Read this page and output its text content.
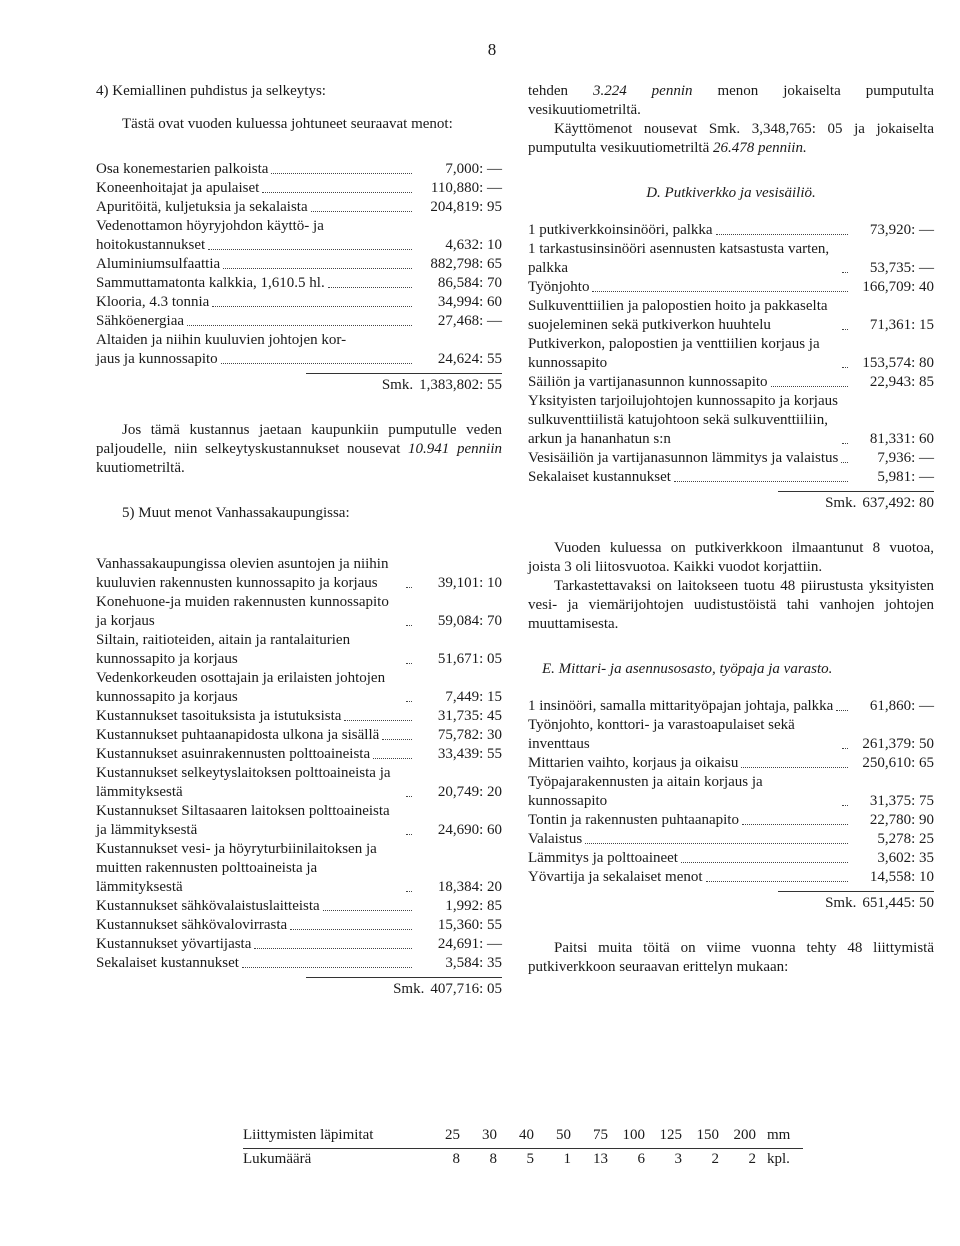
8

4) Kemiallinen puhdistus ja selkeytys:

Tästä ovat vuoden kuluessa johtuneet seuraavat menot:

Osa konemestarien palkoista	7,000: —
Koneenhoitajat ja apulaiset	110,880: —
Apuritöitä, kuljetuksia ja sekalaista	204,819: 95
Vedenottamon höyryjohdon käyttö- ja
hoitokustannukset	4,632: 10
Aluminiumsulfaattia	882,798: 65
Sammuttamatonta kalkkia, 1,610.5 hl.	86,584: 70
Klooria, 4.3 tonnia	34,994: 60
Sähköenergiaa	27,468: —
Altaiden ja niihin kuuluvien johtojen kor-
jaus ja kunnossapito	24,624: 55
Smk. 1,383,802: 55

Jos tämä kustannus jaetaan kaupunkiin pumputulle veden paljoudelle, niin selkeytyskustannukset nousevat 10.941 penniin kuutiometriltä.

5) Muut menot Vanhassakaupungissa:

Vanhassakaupungissa olevien asuntojen ja niihin kuuluvien rakennusten kunnossapito ja korjaus	39,101: 10
Konehuone-ja muiden rakennusten kunnossapito ja korjaus	59,084: 70
Siltain, raitioteiden, aitain ja rantalaiturien kunnossapito ja korjaus	51,671: 05
Vedenkorkeuden osottajain ja erilaisten johtojen kunnossapito ja korjaus	7,449: 15
Kustannukset tasoituksista ja istutuksista	31,735: 45
Kustannukset puhtaanapidosta ulkona ja sisällä	75,782: 30
Kustannukset asuinrakennusten polttoaineista	33,439: 55
Kustannukset selkeytyslaitoksen polttoaineista ja lämmityksestä	20,749: 20
Kustannukset Siltasaaren laitoksen polttoaineista ja lämmityksestä	24,690: 60
Kustannukset vesi- ja höyryturbiinilaitoksen ja muitten rakennusten polttoaineista ja lämmityksestä	18,384: 20
Kustannukset sähkövalaistuslaitteista	1,992: 85
Kustannukset sähkövalovirrasta	15,360: 55
Kustannukset yövartijasta	24,691: —
Sekalaiset kustannukset	3,584: 35
Smk. 407,716: 05

tehden 3.224 pennin menon jokaiselta pumputulta vesikuutiometriltä.

Käyttömenot nousevat Smk. 3,348,765: 05 ja jokaiselta pumputulta vesikuutiometriltä 26.478 penniin.

D. Putkiverkko ja vesisäiliö.

1 putkiverkkoinsinööri, palkka	73,920: —
1 tarkastusinsinööri asennusten katsastusta varten, palkka	53,735: —
Työnjohto	166,709: 40
Sulkuventtiilien ja palopostien hoito ja pakkaselta suojeleminen sekä putkiverkon huuhtelu	71,361: 15
Putkiverkon, palopostien ja venttiilien korjaus ja kunnossapito	153,574: 80
Säiliön ja vartijanasunnon kunnossapito	22,943: 85
Yksityisten tarjoilujohtojen kunnossapito ja korjaus sulkuventtiilistä katujohtoon sekä sulkuventtiiliin, arkun ja hananhatun s:n	81,331: 60
Vesisäiliön ja vartijanasunnon lämmitys ja valaistus	7,936: —
Sekalaiset kustannukset	5,981: —
Smk. 637,492: 80

Vuoden kuluessa on putkiverkkoon ilmaantunut 8 vuotoa, joista 3 oli liitosvuotoa. Kaikki vuodot korjattiin.

Tarkastettavaksi on laitokseen tuotu 48 piirustusta yksityisten vesi- ja viemärijohtojen uudistustöistä tahi vanhojen johtojen muuttamisesta.

E. Mittari- ja asennusosasto, työpaja ja varasto.

1 insinööri, samalla mittarityöpajan johtaja, palkka	61,860: —
Työnjohto, konttori- ja varastoapulaiset sekä inventtaus	261,379: 50
Mittarien vaihto, korjaus ja oikaisu	250,610: 65
Työpajarakennusten ja aitain korjaus ja kunnossapito	31,375: 75
Tontin ja rakennusten puhtaanapito	22,780: 90
Valaistus	5,278: 25
Lämmitys ja polttoaineet	3,602: 35
Yövartija ja sekalaiset menot	14,558: 10
Smk. 651,445: 50

Paitsi muita töitä on viime vuonna tehty 48 liittymistä putkiverkkoon seuraavan erittelyn mukaan:

Liittymisten läpimitat	25	30	40	50	75	100	125	150	200	mm
Lukumäärä	8	8	5	1	13	6	3	2	2	kpl.
